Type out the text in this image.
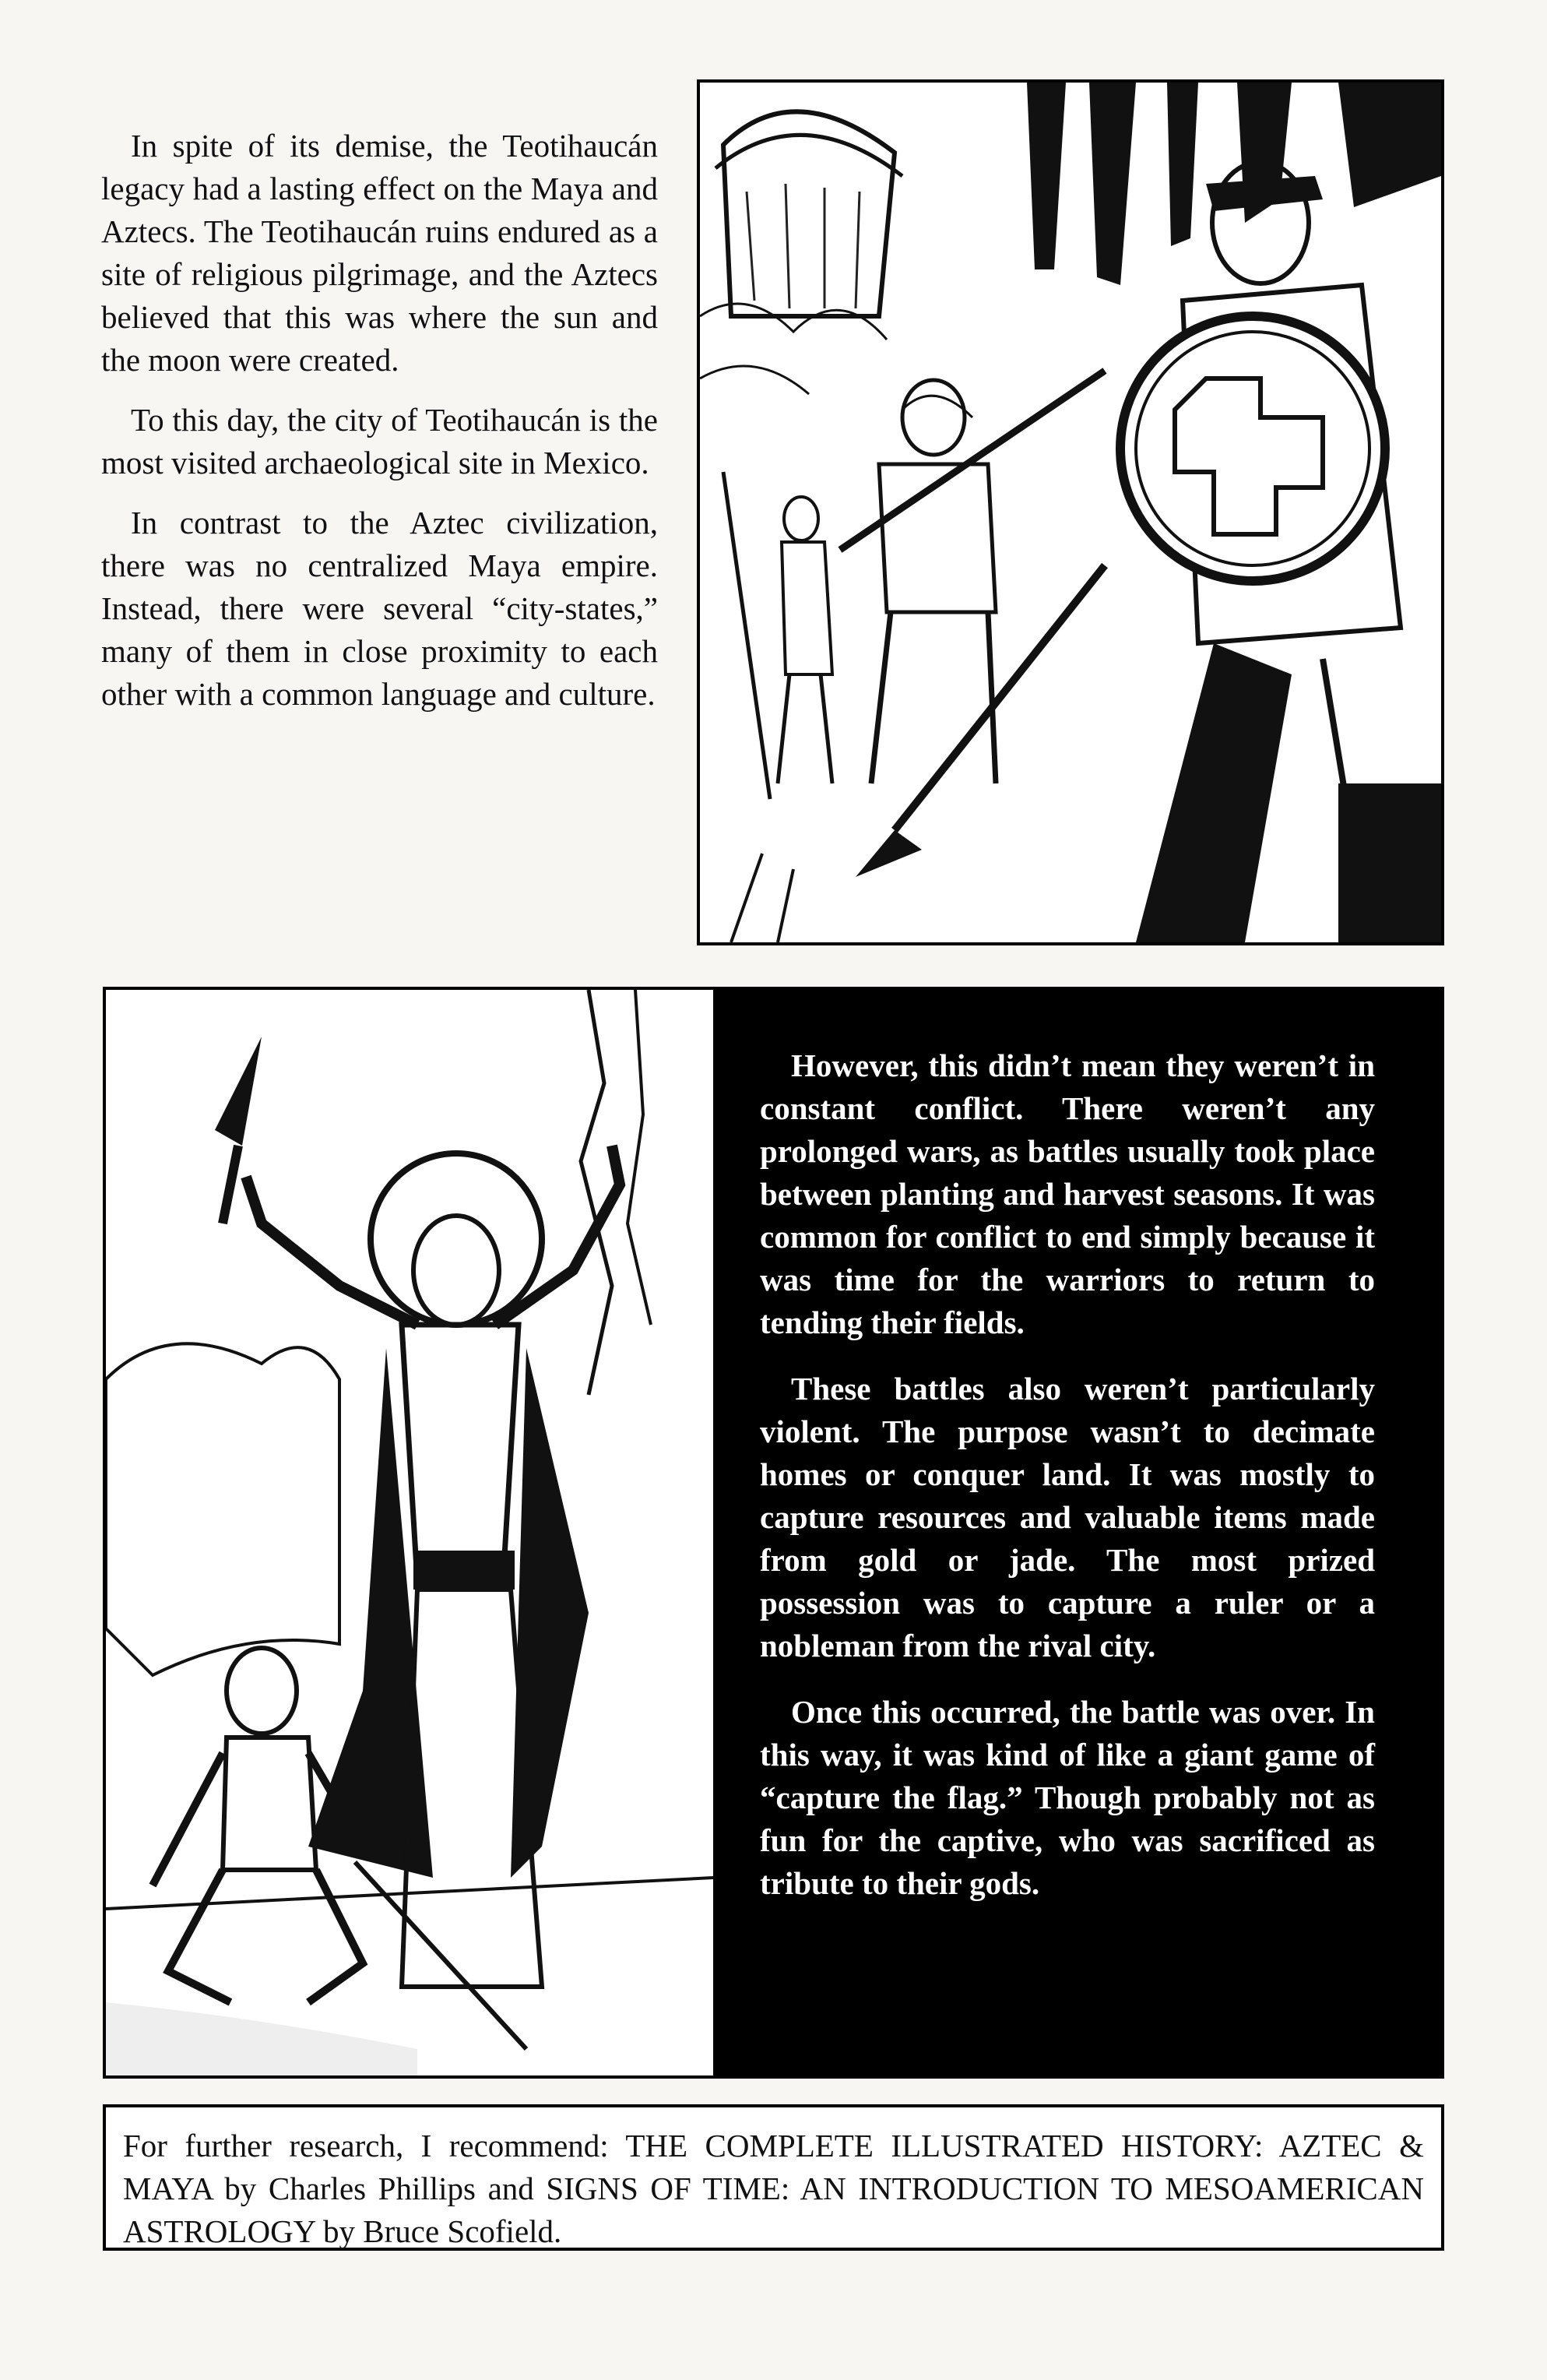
In spite of its demise, the Teotihaucán legacy had a lasting effect on the Maya and Aztecs. The Teotihaucán ruins endured as a site of religious pilgrimage, and the Aztecs believed that this was where the sun and the moon were created.

To this day, the city of Teotihaucán is the most visited archaeological site in Mexico.

In contrast to the Aztec civilization, there was no centralized Maya empire. Instead, there were several “city-states,” many of them in close proximity to each other with a common language and culture.

However, this didn’t mean they weren’t in constant conflict. There weren’t any prolonged wars, as battles usually took place between planting and harvest seasons. It was common for conflict to end simply because it was time for the warriors to return to tending their fields.

These battles also weren’t particularly violent. The purpose wasn’t to decimate homes or conquer land. It was mostly to capture resources and valuable items made from gold or jade. The most prized possession was to capture a ruler or a nobleman from the rival city.

Once this occurred, the battle was over. In this way, it was kind of like a giant game of “capture the flag.” Though probably not as fun for the captive, who was sacrificed as tribute to their gods.

For further research, I recommend: THE COMPLETE ILLUSTRATED HISTORY: AZTEC & MAYA by Charles Phillips and SIGNS OF TIME: AN INTRODUCTION TO MESOAMERICAN ASTROLOGY by Bruce Scofield.
